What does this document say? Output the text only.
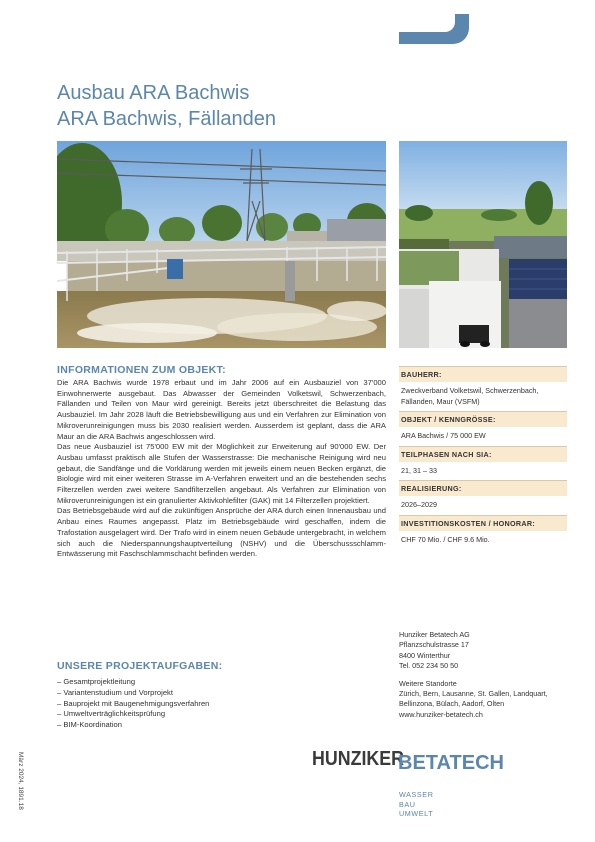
Ausbau ARA Bachwis
ARA Bachwis, Fällanden
INFORMATIONEN ZUM OBJEKT:

Die ARA Bachwis wurde 1978 erbaut und im Jahr 2006 auf ein Ausbauziel von 37'000 Einwohnerwerte ausgebaut. Das Abwasser der Gemeinden Volketswil, Schwerzenbach, Fällanden und Teilen von Maur wird gereinigt. Bereits jetzt überschreitet die Belastung das Ausbauziel. Im Jahr 2028 läuft die Betriebsbewilligung aus und ein Verfahren zur Elimination von Mikroverunreinigungen muss bis 2030 realisiert werden. Ausserdem ist geplant, dass die ARA Maur an die ARA Bachwis angeschlossen wird.

Das neue Ausbauziel ist 75'000 EW mit der Möglichkeit zur Erweiterung auf 90'000 EW. Der Ausbau umfasst praktisch alle Stufen der Wasserstrasse: Die mechanische Reinigung wird neu gebaut, die Sandfänge und die Vorklärung werden mit jeweils einem neuen Becken ergänzt, die Biologie wird mit einer weiteren Strasse im A-Verfahren erweitert und an die bestehenden sechs Filterzellen werden zwei weitere Sandfilterzellen angebaut. Als Verfahren zur Elimination von Mikroverunreinigungen ist ein granulierter Aktivkohlefilter (GAK) mit 14 Filterzellen projektiert.

Das Betriebsgebäude wird auf die zukünftigen Ansprüche der ARA durch einen Innenausbau und Anbau eines Raumes angepasst. Platz im Betriebsgebäude wird geschaffen, indem die Trafostation ausgelagert wird. Der Trafo wird in einem neuen Gebäude untergebracht, in welchem sich auch die Niederspannungshauptverteilung (NSHV) und die Überschussschlamm-Entwässerung mit Faschschlammschacht befinden werden.

UNSERE PROJEKTAUFGABEN:
– Gesamtprojektleitung
– Variantenstudium und Vorprojekt
– Bauprojekt mit Baugenehmigungsverfahren
– Umweltverträglichkeitsprüfung
– BIM-Koordination
BAUHERR:
Zweckverband Volketswil, Schwerzenbach, Fällanden, Maur (VSFM)
OBJEKT / KENNGRÖSSE:
ARA Bachwis / 75 000 EW
TEILPHASEN NACH SIA:
21, 31 – 33
REALISIERUNG:
2026–2029
INVESTITIONSKOSTEN / HONORAR:
CHF 70 Mio. / CHF 9.6 Mio.
Hunziker Betatech AG
Pflanzschulstrasse 17
8400 Winterthur
Tel. 052 234 50 50
Weitere Standorte
Zürich, Bern, Lausanne, St. Gallen, Landquart, Bellinzona, Bülach, Aadorf, Olten
www.hunziker-betatech.ch
HUNZIKER
BETATECH
WASSER
BAU
UMWELT
März 2024, 1891.18
